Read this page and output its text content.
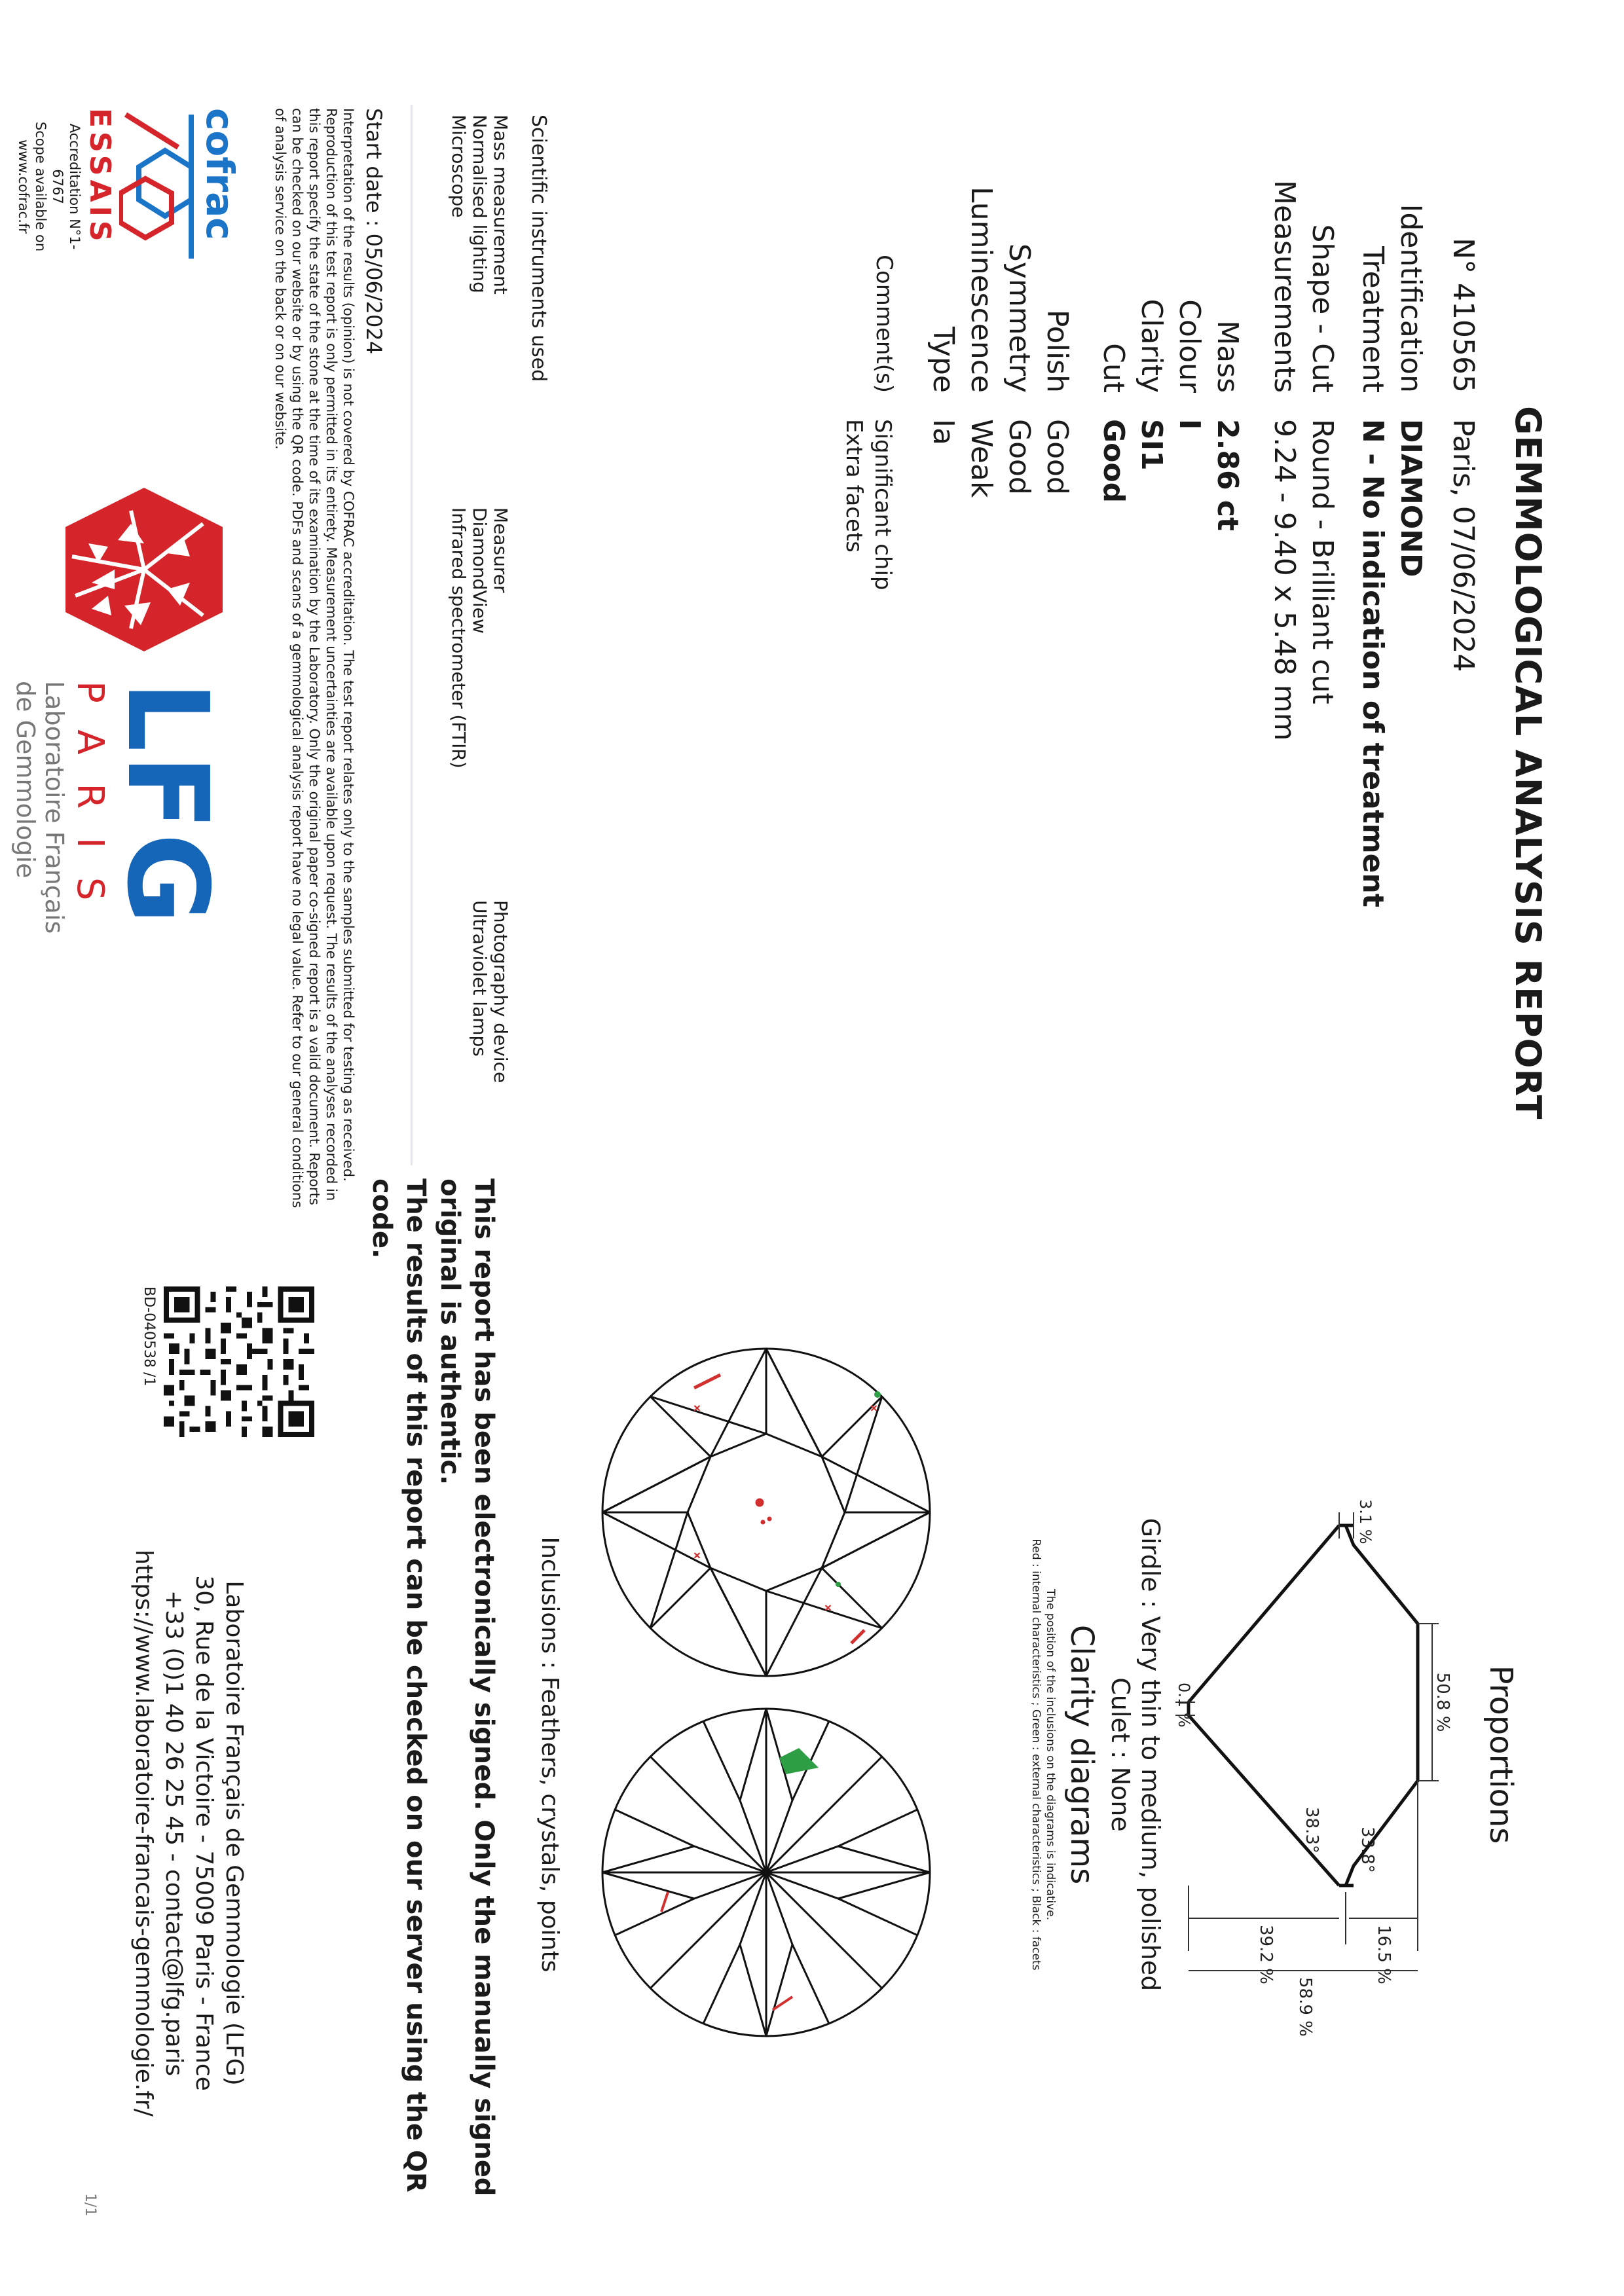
GEMMOLOGICAL ANALYSIS REPORT
N° 410565
Paris, 07/06/2024
Identification
DIAMOND
Treatment
N - No indication of treatment
Shape - Cut
Round - Brilliant cut
Measurements
9.24 - 9.40 x 5.48 mm
Mass
2.86 ct
Colour
I
Clarity
SI1
Cut
Good
Polish
Good
Symmetry
Good
Luminescence
Weak
Type
Ia
Comment(s)
Significant chip
Extra facets
Scientific instruments used
Mass measurement
Measurer
Photography device
Normalised lighting
DiamondView
Ultraviolet lamps
Microscope
Infrared spectrometer (FTIR)
Start date : 05/06/2024
Interpretation of the results (opinion) is not covered by COFRAC accreditation. The test report relates only to the samples submitted for testing as received. Reproduction of this test report is only permitted in its entirety. Measurement uncertainties are available upon request. The results of the analyses recorded in this report specify the state of the stone at the time of its examination by the Laboratory. Only the original paper co-signed report is a valid document. Reports can be checked on our website or by using the QR code. PDFs and scans of a gemmological analysis report have no legal value. Refer to our general conditions of analysis service on the back or on our website.
LFG
PARIS
Laboratoire Français
de Gemmologie
cofrac
ESSAIS
Accreditation N°1-6767
Scope available on
www.cofrac.fr
This report has been electronically signed. Only the manually signed original is authentic.
The results of this report can be checked on our server using the QR code.
BD-040538 /1
Proportions
50.8 %
16.5 %
39.2 %
58.9 %
33.8°
38.3°
3.1 %
0.1 %
Girdle : Very thin to medium, polished
Culet : None
Clarity diagrams
The position of the inclusions on the diagrams is indicative.
Red : internal characteristics ; Green : external characteristics ; Black : facets
×
×
×
×
Inclusions : Feathers, crystals, points
Laboratoire Français de Gemmologie (LFG)
30, Rue de la Victoire - 75009 Paris - France
+33 (0)1 40 26 25 45 - contact@lfg.paris
https://www.laboratoire-francais-gemmologie.fr/
1/1
